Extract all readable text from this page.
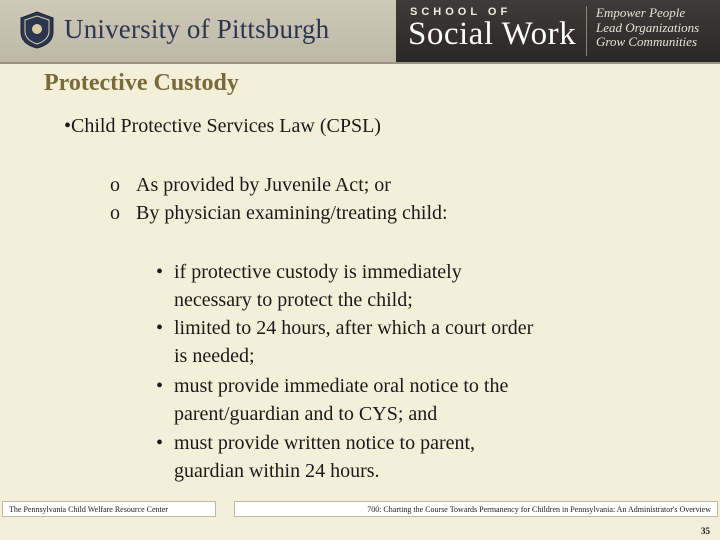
University of Pittsburgh
SCHOOL OF
Social Work
Empower People
Lead Organizations
Grow Communities
Protective Custody
•Child Protective Services Law (CPSL)
o As provided by Juvenile Act; or
o By physician examining/treating child:
• if protective custody is immediately
necessary to protect the child;
• limited to 24 hours, after which a court order
is needed;
• must provide immediate oral notice to the
parent/guardian and to CYS; and
• must provide written notice to parent,
guardian within 24 hours.
The Pennsylvania Child Welfare Resource Center	700: Charting the Course Towards Permanency for Children in Pennsylvania: An Administrator's Overview
35
